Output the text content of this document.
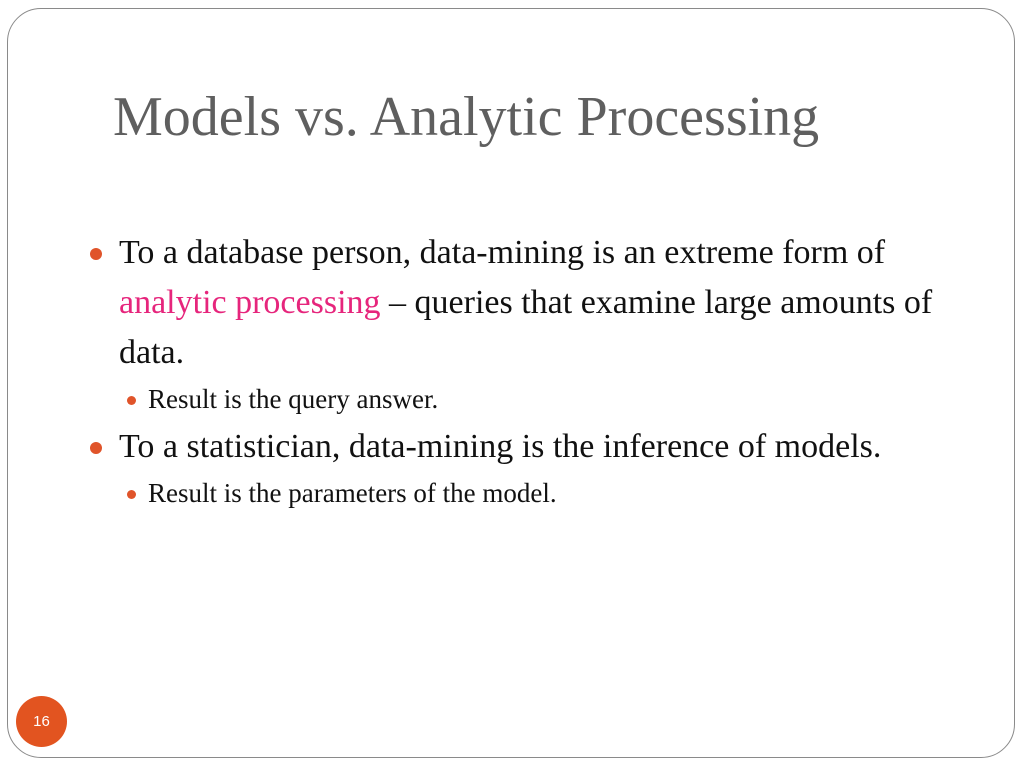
Models vs. Analytic Processing
To a database person, data-mining is an extreme form of analytic processing – queries that examine large amounts of data.
Result is the query answer.
To a statistician, data-mining is the inference of models.
Result is the parameters of the model.
16
